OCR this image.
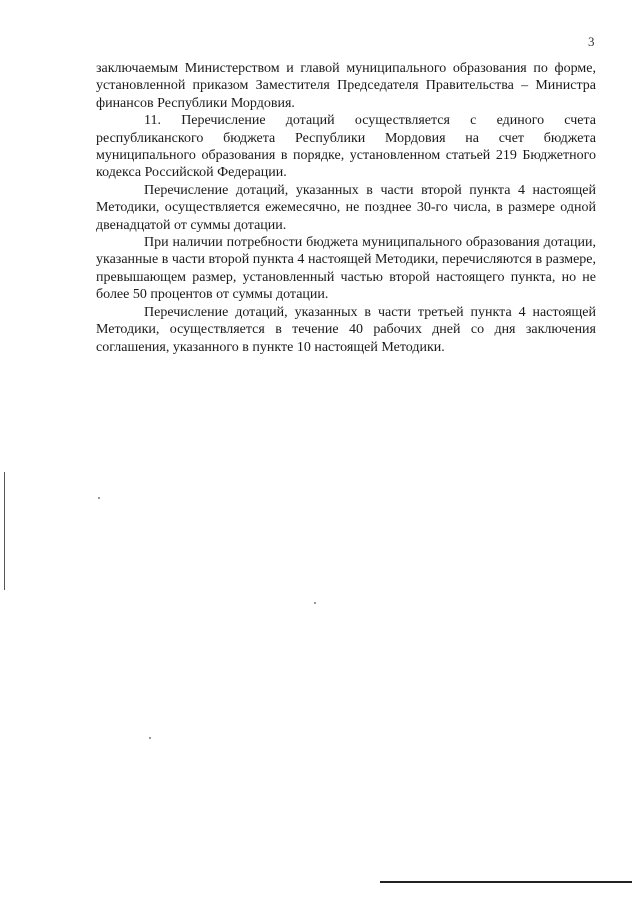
3

заключаемым Министерством и главой муниципального образования по форме, установленной приказом Заместителя Председателя Правительства – Министра финансов Республики Мордовия.

11. Перечисление дотаций осуществляется с единого счета республиканского бюджета Республики Мордовия на счет бюджета муниципального образования в порядке, установленном статьей 219 Бюджетного кодекса Российской Федерации.

Перечисление дотаций, указанных в части второй пункта 4 настоящей Методики, осуществляется ежемесячно, не позднее 30-го числа, в размере одной двенадцатой от суммы дотации.

При наличии потребности бюджета муниципального образования дотации, указанные в части второй пункта 4 настоящей Методики, перечисляются в размере, превышающем размер, установленный частью второй настоящего пункта, но не более 50 процентов от суммы дотации.

Перечисление дотаций, указанных в части третьей пункта 4 настоящей Методики, осуществляется в течение 40 рабочих дней со дня заключения соглашения, указанного в пункте 10 настоящей Методики.
